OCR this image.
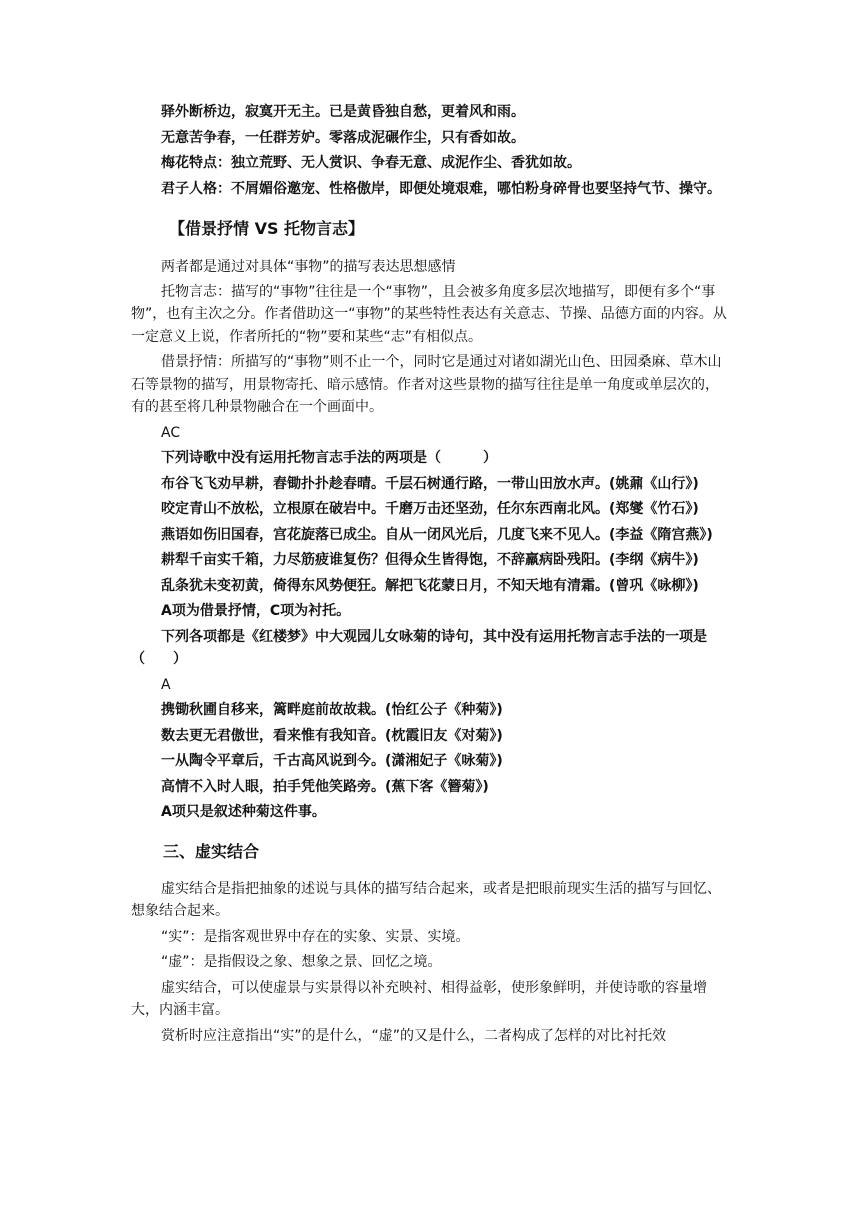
驿外断桥边，寂寞开无主。已是黄昏独自愁，更着风和雨。

无意苦争春，一任群芳妒。零落成泥碾作尘，只有香如故。

梅花特点：独立荒野、无人赏识、争春无意、成泥作尘、香犹如故。

君子人格：不屑媚俗邀宠、性格傲岸，即便处境艰难，哪怕粉身碎骨也要坚持气节、操守。

【借景抒情 VS 托物言志】

两者都是通过对具体“事物”的描写表达思想感情

托物言志：描写的“事物”往往是一个“事物”，且会被多角度多层次地描写，即便有多个“事物”，也有主次之分。作者借助这一“事物”的某些特性表达有关意志、节操、品德方面的内容。从一定意义上说，作者所托的“物”要和某些“志”有相似点。

借景抒情：所描写的“事物”则不止一个，同时它是通过对诸如湖光山色、田园桑麻、草木山石等景物的描写，用景物寄托、暗示感情。作者对这些景物的描写往往是单一角度或单层次的，有的甚至将几种景物融合在一个画面中。

AC

下列诗歌中没有运用托物言志手法的两项是（　　　）

布谷飞飞劝早耕，舂锄扑扑趁春晴。千层石树通行路，一带山田放水声。(姚鼐《山行》)

咬定青山不放松，立根原在破岩中。千磨万击还坚劲，任尔东西南北风。(郑燮《竹石》)

燕语如伤旧国春，宫花旋落已成尘。自从一闭风光后，几度飞来不见人。(李益《隋宫燕》)

耕犁千亩实千箱，力尽筋疲谁复伤？但得众生皆得饱，不辞羸病卧残阳。(李纲《病牛》)

乱条犹未变初黄，倚得东风势便狂。解把飞花蒙日月，不知天地有清霜。(曾巩《咏柳》)

A项为借景抒情，C项为衬托。

下列各项都是《红楼梦》中大观园儿女咏菊的诗句，其中没有运用托物言志手法的一项是（　　）

A

携锄秋圃自移来，篱畔庭前故故栽。(怡红公子《种菊》)

数去更无君傲世，看来惟有我知音。(枕霞旧友《对菊》)

一从陶令平章后，千古高风说到今。(潇湘妃子《咏菊》)

高情不入时人眼，拍手凭他笑路旁。(蕉下客《簪菊》)

A项只是叙述种菊这件事。

三、虚实结合

虚实结合是指把抽象的述说与具体的描写结合起来，或者是把眼前现实生活的描写与回忆、想象结合起来。

“实”：是指客观世界中存在的实象、实景、实境。

“虚”：是指假设之象、想象之景、回忆之境。

虚实结合，可以使虚景与实景得以补充映衬、相得益彰，使形象鲜明，并使诗歌的容量增大，内涵丰富。

赏析时应注意指出“实”的是什么，“虚”的又是什么，二者构成了怎样的对比衬托效
